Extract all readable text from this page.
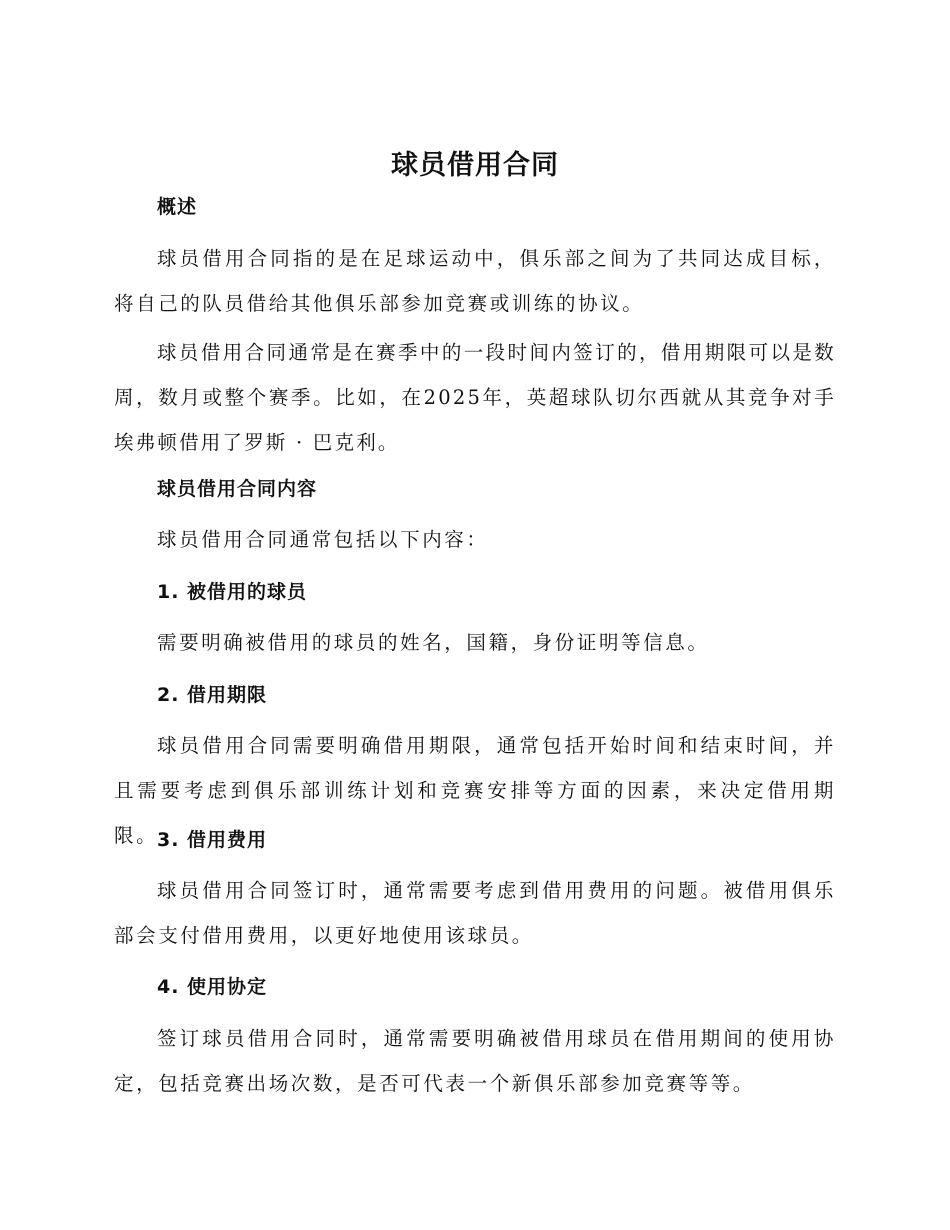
球员借用合同
概述

球员借用合同指的是在足球运动中，俱乐部之间为了共同达成目标，将自己的队员借给其他俱乐部参加竞赛或训练的协议。

球员借用合同通常是在赛季中的一段时间内签订的，借用期限可以是数周，数月或整个赛季。比如，在2025年，英超球队切尔西就从其竞争对手埃弗顿借用了罗斯 · 巴克利。

球员借用合同内容

球员借用合同通常包括以下内容：

1. 被借用的球员

需要明确被借用的球员的姓名，国籍，身份证明等信息。

2. 借用期限

球员借用合同需要明确借用期限，通常包括开始时间和结束时间，并且需要考虑到俱乐部训练计划和竞赛安排等方面的因素，来决定借用期限。

3. 借用费用

球员借用合同签订时，通常需要考虑到借用费用的问题。被借用俱乐部会支付借用费用，以更好地使用该球员。

4. 使用协定

签订球员借用合同时，通常需要明确被借用球员在借用期间的使用协定，包括竞赛出场次数，是否可代表一个新俱乐部参加竞赛等等。
